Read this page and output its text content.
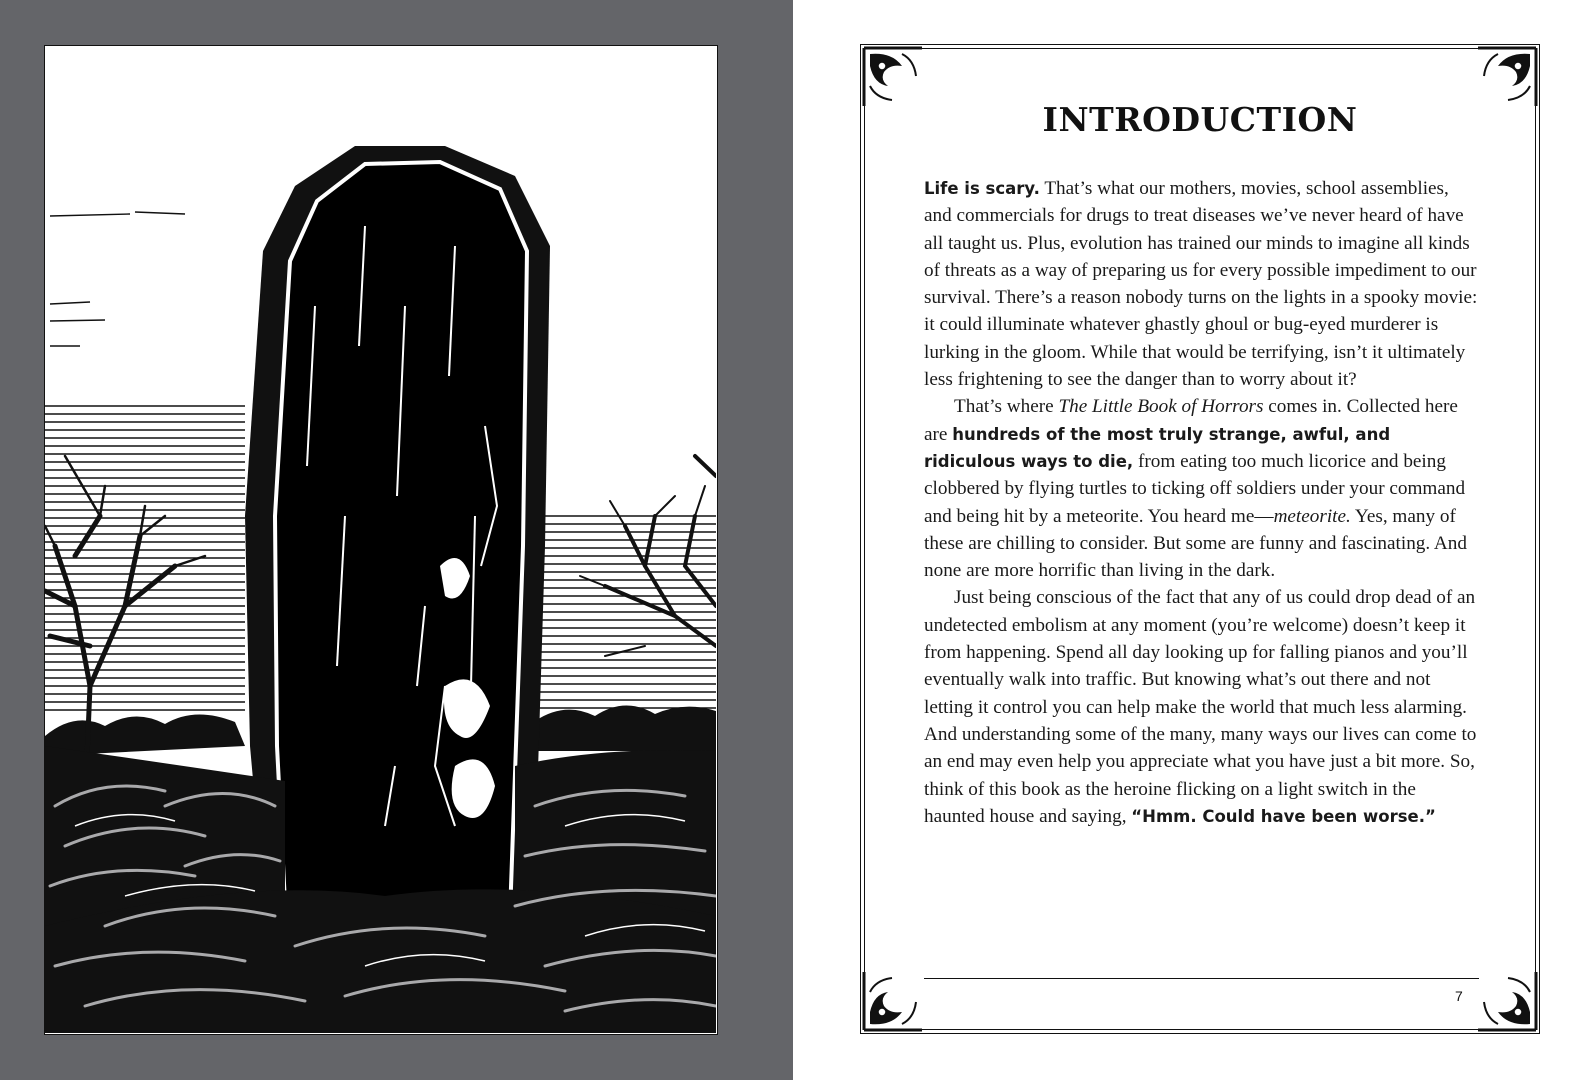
INTRODUCTION

Life is scary. That’s what our mothers, movies, school assemblies, and commercials for drugs to treat diseases we’ve never heard of have all taught us. Plus, evolution has trained our minds to imagine all kinds of threats as a way of preparing us for every possible impediment to our survival. There’s a reason nobody turns on the lights in a spooky movie: it could illuminate whatever ghastly ghoul or bug-eyed murderer is lurking in the gloom. While that would be terrifying, isn’t it ultimately less frightening to see the danger than to worry about it?

That’s where The Little Book of Horrors comes in. Collected here are hundreds of the most truly strange, awful, and ridiculous ways to die, from eating too much licorice and being clobbered by flying turtles to ticking off soldiers under your command and being hit by a meteorite. You heard me—meteorite. Yes, many of these are chilling to consider. But some are funny and fascinating. And none are more horrific than living in the dark.

Just being conscious of the fact that any of us could drop dead of an undetected embolism at any moment (you’re welcome) doesn’t keep it from happening. Spend all day looking up for falling pianos and you’ll eventually walk into traffic. But knowing what’s out there and not letting it control you can help make the world that much less alarming. And understanding some of the many, many ways our lives can come to an end may even help you appreciate what you have just a bit more. So, think of this book as the heroine flicking on a light switch in the haunted house and saying, “Hmm. Could have been worse.”

7
